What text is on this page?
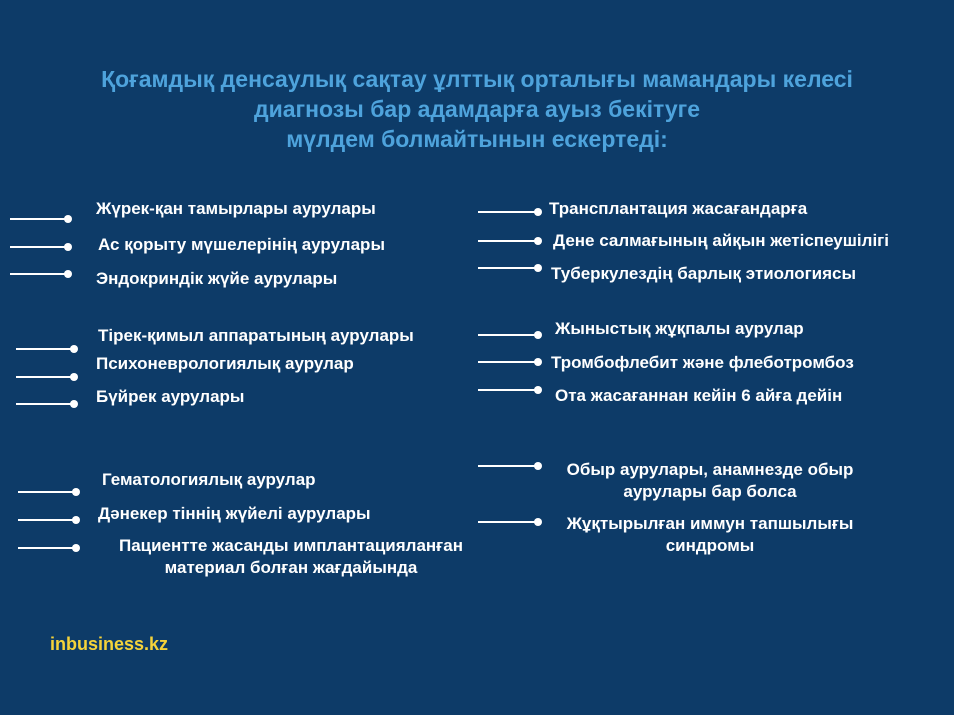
Қоғамдық денсаулық сақтау ұлттық орталығы мамандары келесі
диагнозы бар адамдарға ауыз бекітуге
мүлдем болмайтынын ескертеді:
Жүрек-қан тамырлары аурулары
Ас қорыту мүшелерінің аурулары
Эндокриндік жүйе аурулары
Тірек-қимыл аппаратының аурулары
Психоневрологиялық аурулар
Бүйрек аурулары
Гематологиялық аурулар
Дәнекер тіннің жүйелі аурулары
Пациентте жасанды имплантацияланған
материал болған жағдайында
Трансплантация жасағандарға
Дене салмағының айқын жетіспеушілігі
Туберкулездің барлық этиологиясы
Жыныстық жұқпалы аурулар
Тромбофлебит және флеботромбоз
Ота жасағаннан кейін 6 айға дейін
Обыр аурулары, анамнезде обыр
аурулары бар болса
Жұқтырылған иммун тапшылығы
синдромы
inbusiness.kz
